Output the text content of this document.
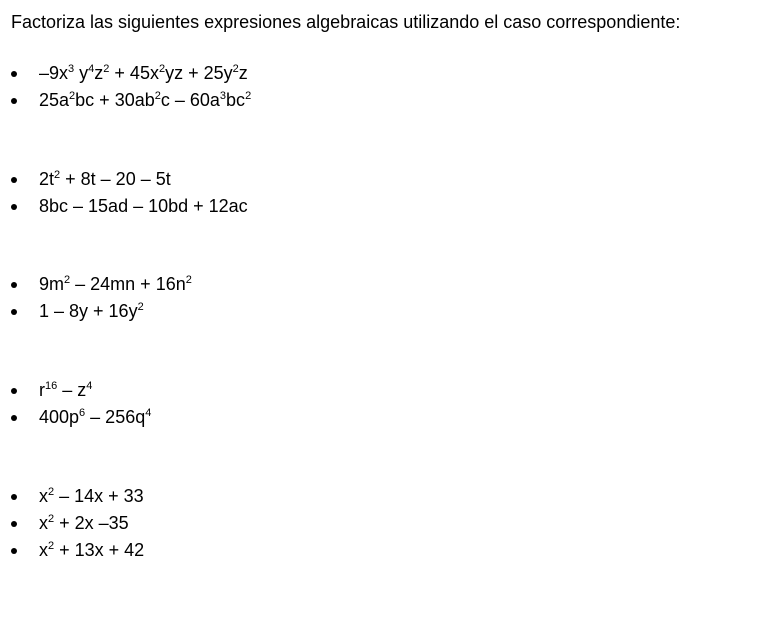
Factoriza las siguientes expresiones algebraicas utilizando el caso correspondiente:
$-9x^3$ $y^4z^2 + 45x^2yz + 25y^2z$
$25a^2bc + 30ab^2c - 60a^3bc^2$
$2t^2 + 8t - 20 - 5t$
8bc – 15ad – 10bd + 12ac
$9m^2 - 24mn + 16n^2$
$1 - 8y + 16y^2$
$r^{16} - z^4$
$400p^6 - 256q^4$
$x^2 - 14x + 33$
$x^2 + 2x$ –35
$x^2 + 13x + 42$
